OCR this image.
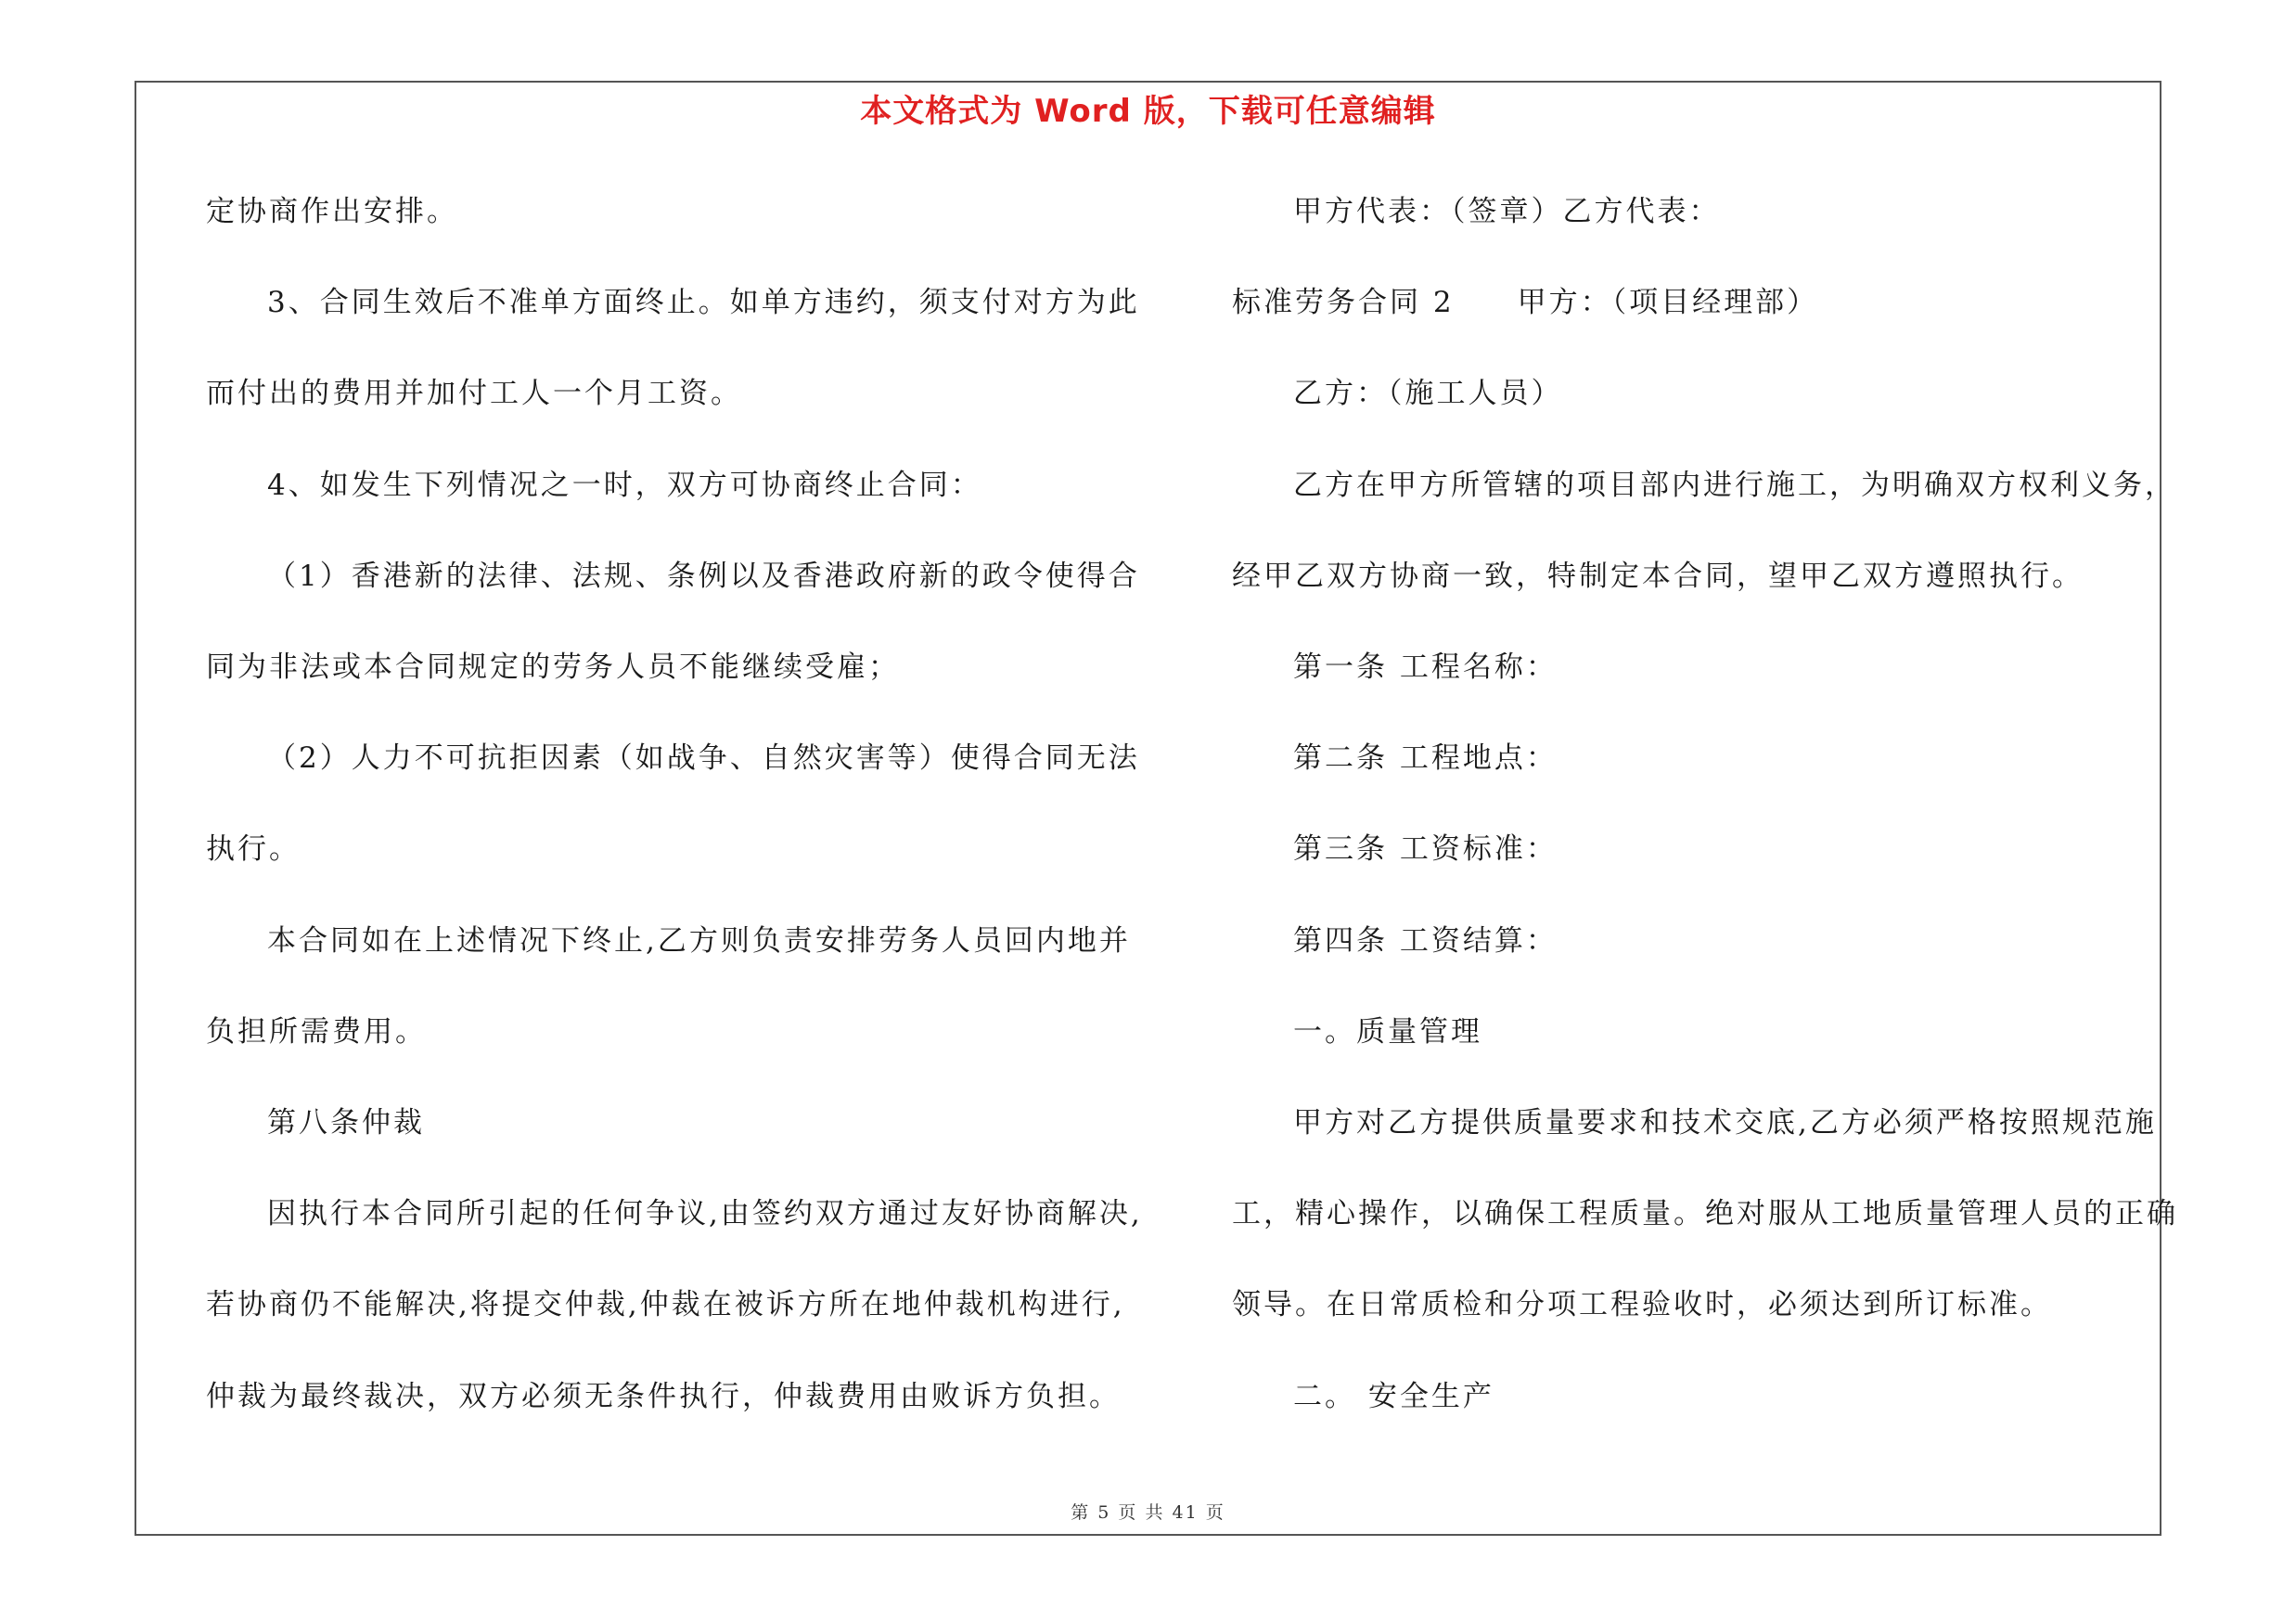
本文格式为 Word 版，下载可任意编辑
定协商作出安排。
3、合同生效后不准单方面终止。如单方违约，须支付对方为此
而付出的费用并加付工人一个月工资。
4、如发生下列情况之一时，双方可协商终止合同：
（1）香港新的法律、法规、条例以及香港政府新的政令使得合
同为非法或本合同规定的劳务人员不能继续受雇；
（2）人力不可抗拒因素（如战争、自然灾害等）使得合同无法
执行。
本合同如在上述情况下终止,乙方则负责安排劳务人员回内地并
负担所需费用。
第八条仲裁
因执行本合同所引起的任何争议,由签约双方通过友好协商解决,
若协商仍不能解决,将提交仲裁,仲裁在被诉方所在地仲裁机构进行,
仲裁为最终裁决，双方必须无条件执行，仲裁费用由败诉方负担。
甲方代表：（签章）乙方代表：
标准劳务合同 2　　甲方：（项目经理部）
乙方：（施工人员）
乙方在甲方所管辖的项目部内进行施工，为明确双方权利义务，
经甲乙双方协商一致，特制定本合同，望甲乙双方遵照执行。
第一条 工程名称：
第二条 工程地点：
第三条 工资标准：
第四条 工资结算：
一。质量管理
甲方对乙方提供质量要求和技术交底,乙方必须严格按照规范施
工，精心操作，以确保工程质量。绝对服从工地质量管理人员的正确
领导。在日常质检和分项工程验收时，必须达到所订标准。
二。 安全生产
第 5 页 共 41 页
